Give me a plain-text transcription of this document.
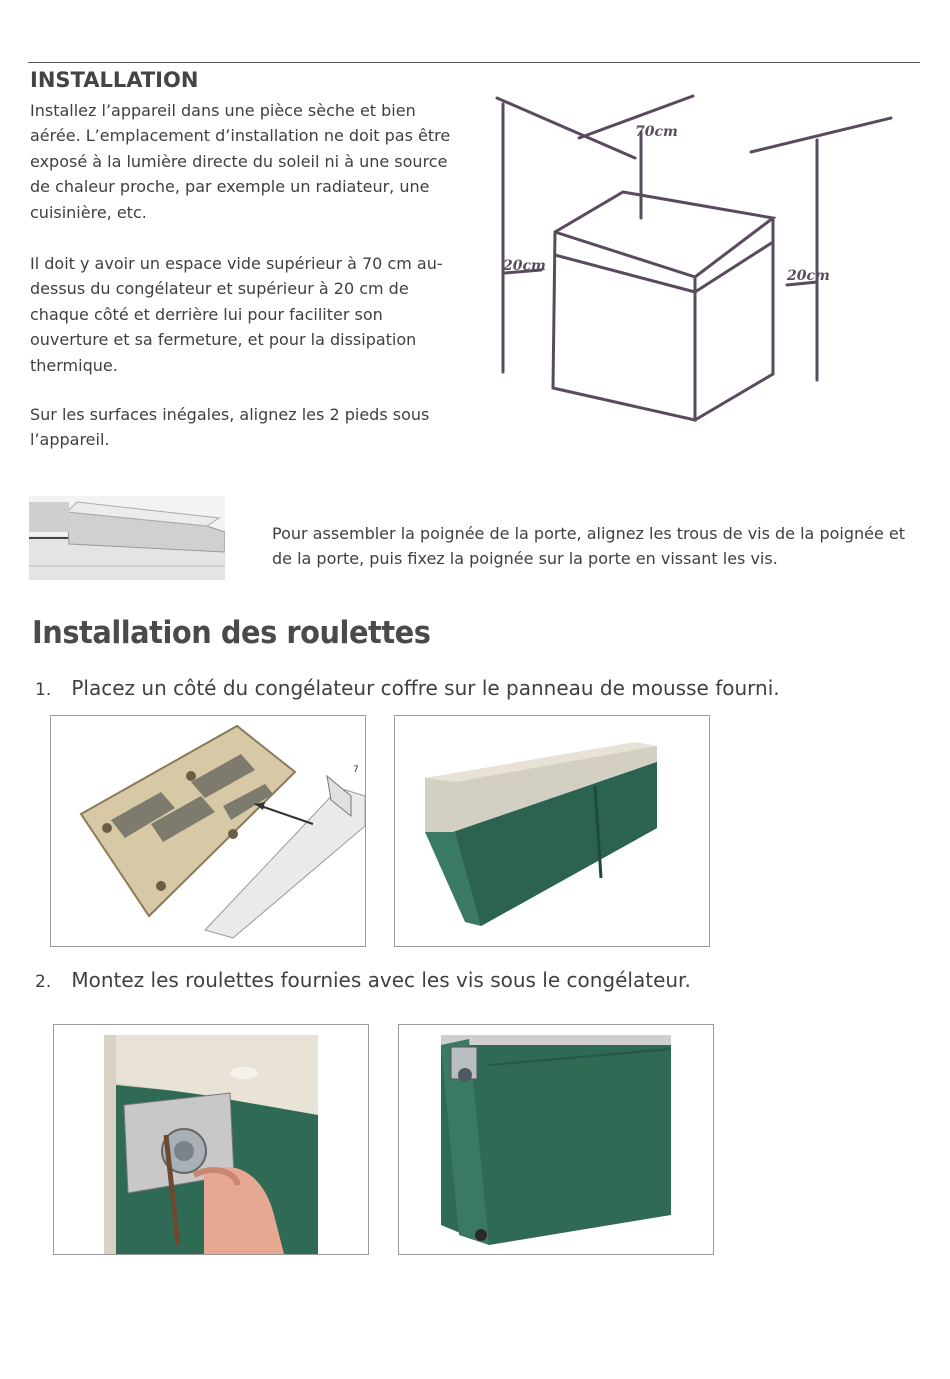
INSTALLATION
Installez l’appareil dans une pièce sèche et bien aérée. L’emplacement d’installation ne doit pas être exposé à la lumière directe du soleil ni à une source de chaleur proche, par exemple un radiateur, une cuisinière, etc.
Il doit y avoir un espace vide supérieur à 70 cm au-dessus du congélateur et supérieur à 20 cm de chaque côté et derrière lui pour faciliter son ouverture et sa fermeture, et pour la dissipation thermique.
Sur les surfaces inégales, alignez les 2 pieds sous l’appareil.
70cm
20cm
20cm
Pour assembler la poignée de la porte, alignez les trous de vis de la poignée et de la porte, puis fixez la poignée sur la porte en vissant les vis.
Installation des roulettes
1. Placez un côté du congélateur coffre sur le panneau de mousse fourni.
7
2. Montez les roulettes fournies avec les vis sous le congélateur.
